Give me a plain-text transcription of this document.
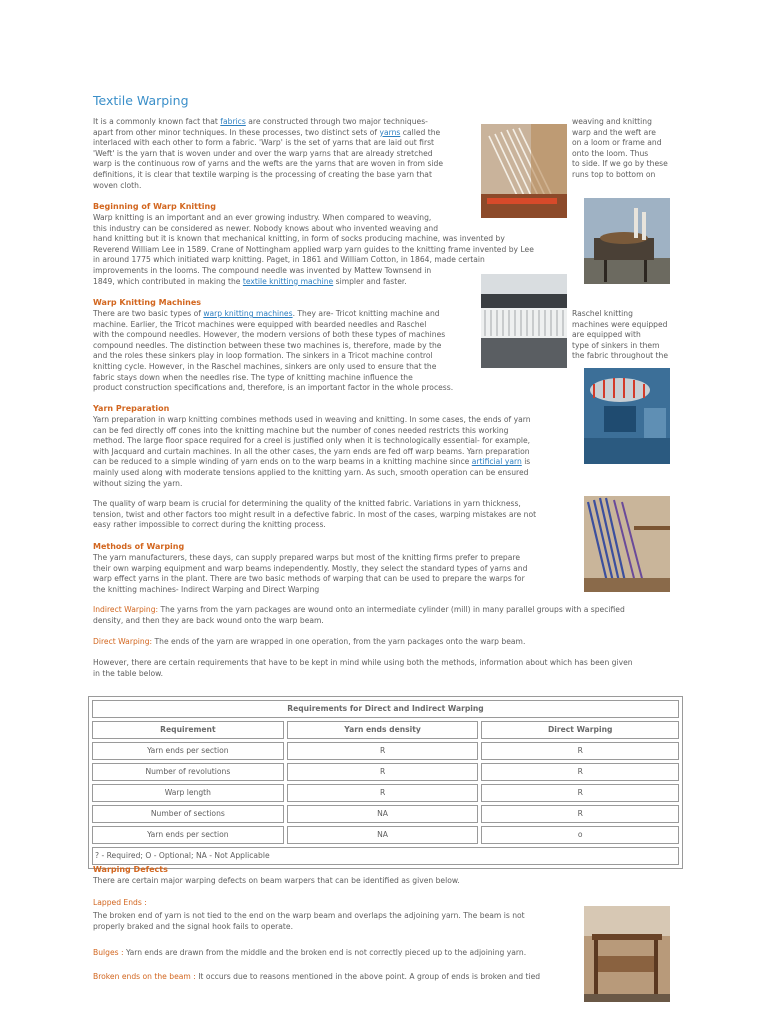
Textile Warping
It is a commonly known fact that fabrics are constructed through two major techniques-
apart from other minor techniques. In these processes, two distinct sets of yarns called the
interlaced with each other to form a fabric. 'Warp' is the set of yarns that are laid out first
'Weft' is the yarn that is woven under and over the warp yarns that are already stretched
warp is the continuous row of yarns and the wefts are the yarns that are woven in from side
definitions, it is clear that textile warping is the processing of creating the base yarn that
woven cloth.
weaving and knitting
warp and the weft are
on a loom or frame and
onto the loom. Thus
to side. If we go by these
runs top to bottom on
Beginning of Warp Knitting
Warp knitting is an important and an ever growing industry. When compared to weaving,
this industry can be considered as newer. Nobody knows about who invented weaving and
hand knitting but it is known that mechanical knitting, in form of socks producing machine, was invented by
Reverend William Lee in 1589. Crane of Nottingham applied warp yarn guides to the knitting frame invented by Lee
in around 1775 which initiated warp knitting. Paget, in 1861 and William Cotton, in 1864, made certain
improvements in the looms. The compound needle was invented by Mattew Townsend in
1849, which contributed in making the textile knitting machine simpler and faster.
Warp Knitting Machines
There are two basic types of warp knitting machines. They are- Tricot knitting machine and
machine. Earlier, the Tricot machines were equipped with bearded needles and Raschel
with the compound needles. However, the modern versions of both these types of machines
compound needles. The distinction between these two machines is, therefore, made by the
and the roles these sinkers play in loop formation. The sinkers in a Tricot machine control
knitting cycle. However, in the Raschel machines, sinkers are only used to ensure that the
fabric stays down when the needles rise. The type of knitting machine influence the
product construction specifications and, therefore, is an important factor in the whole process.
Raschel knitting
machines were equipped
are equipped with
type of sinkers in them
the fabric throughout the
Yarn Preparation
Yarn preparation in warp knitting combines methods used in weaving and knitting. In some cases, the ends of yarn
can be fed directly off cones into the knitting machine but the number of cones needed restricts this working
method. The large floor space required for a creel is justified only when it is technologically essential- for example,
with Jacquard and curtain machines. In all the other cases, the yarn ends are fed off warp beams. Yarn preparation
can be reduced to a simple winding of yarn ends on to the warp beams in a knitting machine since artificial yarn is
mainly used along with moderate tensions applied to the knitting yarn. As such, smooth operation can be ensured
without sizing the yarn.
The quality of warp beam is crucial for determining the quality of the knitted fabric. Variations in yarn thickness,
tension, twist and other factors too might result in a defective fabric. In most of the cases, warping mistakes are not
easy rather impossible to correct during the knitting process.
Methods of Warping
The yarn manufacturers, these days, can supply prepared warps but most of the knitting firms prefer to prepare
their own warping equipment and warp beams independently. Mostly, they select the standard types of yarns and
warp effect yarns in the plant. There are two basic methods of warping that can be used to prepare the warps for
the knitting machines- Indirect Warping and Direct Warping
Indirect Warping: The yarns from the yarn packages are wound onto an intermediate cylinder (mill) in many parallel groups with a specified
density, and then they are back wound onto the warp beam.
Direct Warping: The ends of the yarn are wrapped in one operation, from the yarn packages onto the warp beam.
However, there are certain requirements that have to be kept in mind while using both the methods, information about which has been given
in the table below.
Requirements for Direct and Indirect Warping		
Requirement	Yarn ends density	Direct Warping
Yarn ends per section	R	R
Number of revolutions	R	R
Warp length	R	R
Number of sections	NA	R
Yarn ends per section	NA	o
? - Required; O - Optional; NA - Not Applicable		
Warping Defects
There are certain major warping defects on beam warpers that can be identified as given below.
Lapped Ends :
The broken end of yarn is not tied to the end on the warp beam and overlaps the adjoining yarn. The beam is not
properly braked and the signal hook fails to operate.
Bulges : Yarn ends are drawn from the middle and the broken end is not correctly pieced up to the adjoining yarn.
Broken ends on the beam : It occurs due to reasons mentioned in the above point. A group of ends is broken and tied
